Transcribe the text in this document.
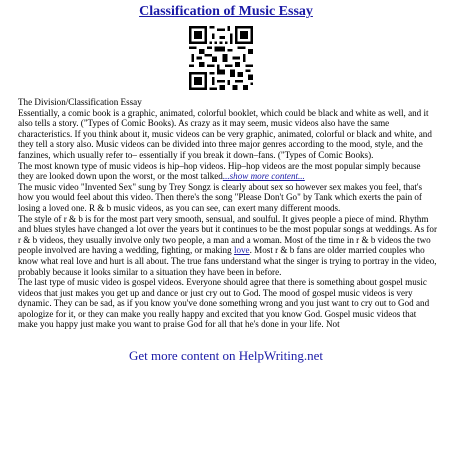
Classification of Music Essay

The Division/Classification Essay

Essentially, a comic book is a graphic, animated, colorful booklet, which could be black and white as well, and it also tells a story. ("Types of Comic Books). As crazy as it may seem, music videos also have the same characteristics. If you think about it, music videos can be very graphic, animated, colorful or black and white, and they tell a story also. Music videos can be divided into three major genres according to the mood, style, and the fanzines, which usually refer to– essentially if you break it down–fans. ("Types of Comic Books).

The most known type of music videos is hip–hop videos. Hip–hop videos are the most popular simply because they are looked down upon the worst, or the most talked...show more content...

The music video "Invented Sex" sung by Trey Songz is clearly about sex so however sex makes you feel, that's how you would feel about this video. Then there's the song "Please Don't Go" by Tank which exerts the pain of losing a loved one. R & b music videos, as you can see, can exert many different moods.

The style of r & b is for the most part very smooth, sensual, and soulful. It gives people a piece of mind. Rhythm and blues styles have changed a lot over the years but it continues to be the most popular songs at weddings. As for r & b videos, they usually involve only two people, a man and a woman. Most of the time in r & b videos the two people involved are having a wedding, fighting, or making love. Most r & b fans are older married couples who know what real love and hurt is all about. The true fans understand what the singer is trying to portray in the video, probably because it looks similar to a situation they have been in before.

The last type of music video is gospel videos. Everyone should agree that there is something about gospel music videos that just makes you get up and dance or just cry out to God. The mood of gospel music videos is very dynamic. They can be sad, as if you know you've done something wrong and you just want to cry out to God and apologize for it, or they can make you really happy and excited that you know God. Gospel music videos that make you happy just make you want to praise God for all that he's done in your life. Not

Get more content on HelpWriting.net
